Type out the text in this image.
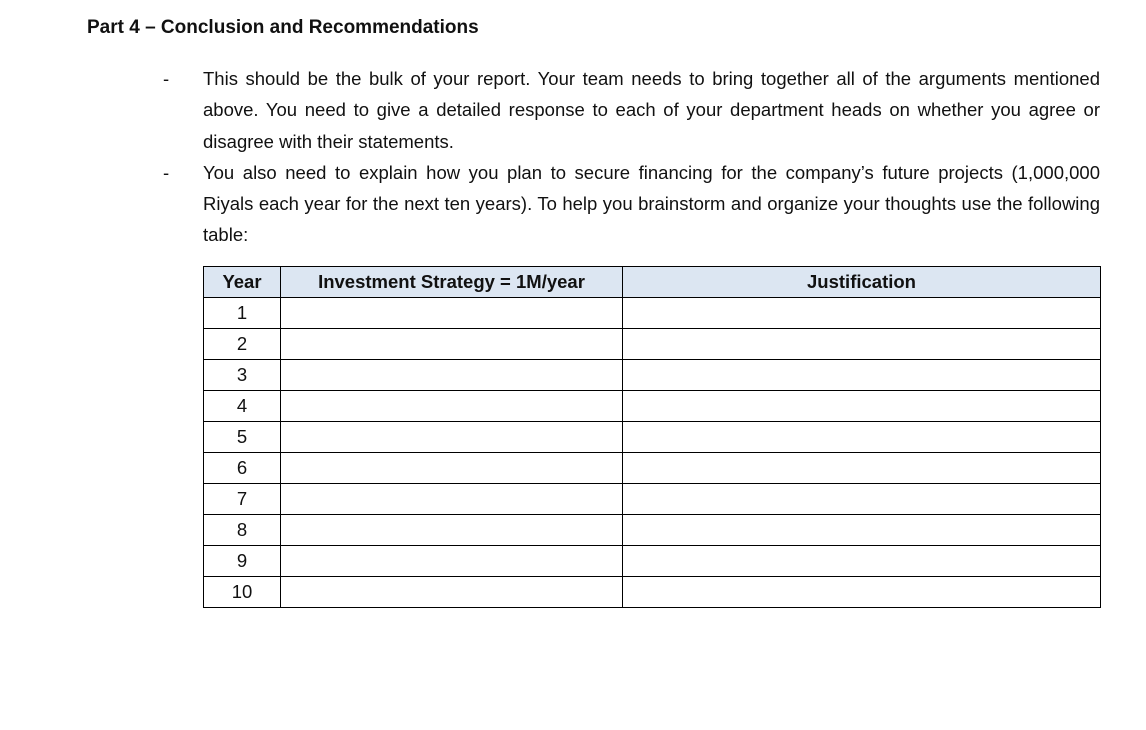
Part 4 – Conclusion and Recommendations
-	This should be the bulk of your report. Your team needs to bring together all of the arguments mentioned above. You need to give a detailed response to each of your department heads on whether you agree or disagree with their statements.
-	You also need to explain how you plan to secure financing for the company’s future projects (1,000,000 Riyals each year for the next ten years). To help you brainstorm and organize your thoughts use the following table:
Year	Investment Strategy = 1M/year	Justification
1		
2		
3		
4		
5		
6		
7		
8		
9		
10		
